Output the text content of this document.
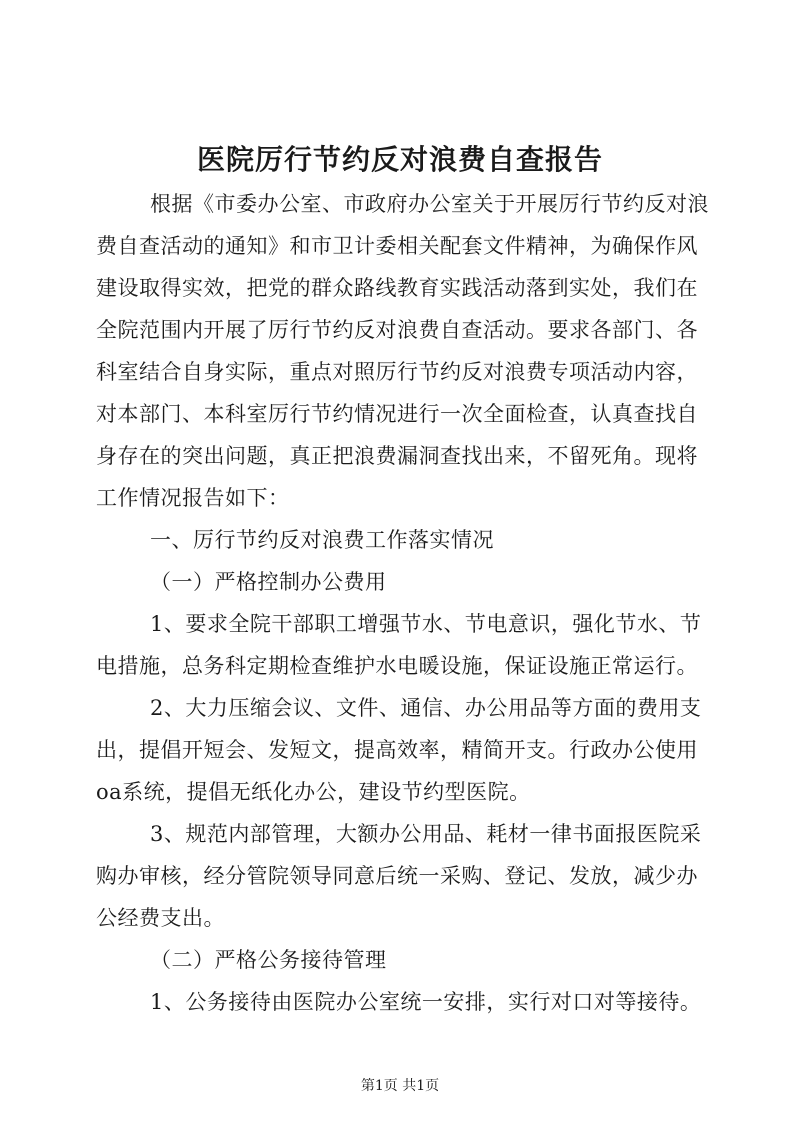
医院厉行节约反对浪费自查报告
根据《市委办公室、市政府办公室关于开展厉行节约反对浪
费自查活动的通知》和市卫计委相关配套文件精神，为确保作风
建设取得实效，把党的群众路线教育实践活动落到实处，我们在
全院范围内开展了厉行节约反对浪费自查活动。要求各部门、各
科室结合自身实际，重点对照厉行节约反对浪费专项活动内容，
对本部门、本科室厉行节约情况进行一次全面检查，认真查找自
身存在的突出问题，真正把浪费漏洞查找出来，不留死角。现将
工作情况报告如下：
一、厉行节约反对浪费工作落实情况
（一）严格控制办公费用
1、要求全院干部职工增强节水、节电意识，强化节水、节
电措施，总务科定期检查维护水电暖设施，保证设施正常运行。
2、大力压缩会议、文件、通信、办公用品等方面的费用支
出，提倡开短会、发短文，提高效率，精简开支。行政办公使用
oa系统，提倡无纸化办公，建设节约型医院。
3、规范内部管理，大额办公用品、耗材一律书面报医院采
购办审核，经分管院领导同意后统一采购、登记、发放，减少办
公经费支出。
（二）严格公务接待管理
1、公务接待由医院办公室统一安排，实行对口对等接待。
第1页 共1页
